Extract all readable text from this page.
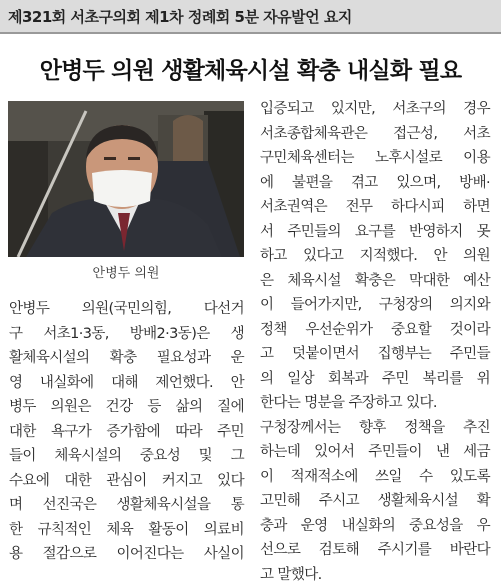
제321회 서초구의회 제1차 정례회 5분 자유발언 요지
안병두 의원 생활체육시설 확충 내실화 필요
안병두 의원
안병두 의원(국민의힘, 다선거
구 서초1·3동, 방배2·3동)은 생
활체육시설의 확충 필요성과 운
영 내실화에 대해 제언했다. 안
병두 의원은 건강 등 삶의 질에
대한 욕구가 증가함에 따라 주민
들이 체육시설의 중요성 및 그
수요에 대한 관심이 커지고 있다
며 선진국은 생활체육시설을 통
한 규칙적인 체육 활동이 의료비
용 절감으로 이어진다는 사실이
입증되고 있지만, 서초구의 경우
서초종합체육관은 접근성, 서초
구민체육센터는 노후시설로 이용
에 불편을 겪고 있으며, 방배·
서초권역은 전무 하다시피 하면
서 주민들의 요구를 반영하지 못
하고 있다고 지적했다. 안 의원
은 체육시설 확충은 막대한 예산
이 들어가지만, 구청장의 의지와
정책 우선순위가 중요할 것이라
고 덧붙이면서 집행부는 주민들
의 일상 회복과 주민 복리를 위
한다는 명분을 주장하고 있다.
구청장께서는 향후 정책을 추진
하는데 있어서 주민들이 낸 세금
이 적재적소에 쓰일 수 있도록
고민해 주시고 생활체육시설 확
충과 운영 내실화의 중요성을 우
선으로 검토해 주시기를 바란다
고 말했다.
